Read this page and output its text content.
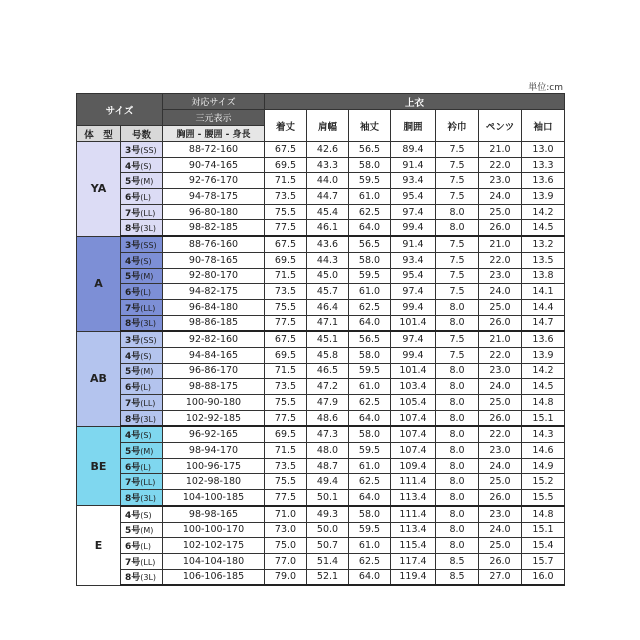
単位:cm
サイズ		対応サイズ	上衣						
		三元表示	着丈	肩幅	袖丈	胴囲	衿巾	ペンツ	袖口
体　型	号数	胸囲 - 腰囲 - 身長							
YA	3号(SS)	88-72-160	67.5	42.6	56.5	89.4	7.5	21.0	13.0
	4号(S)	90-74-165	69.5	43.3	58.0	91.4	7.5	22.0	13.3
	5号(M)	92-76-170	71.5	44.0	59.5	93.4	7.5	23.0	13.6
	6号(L)	94-78-175	73.5	44.7	61.0	95.4	7.5	24.0	13.9
	7号(LL)	96-80-180	75.5	45.4	62.5	97.4	8.0	25.0	14.2
	8号(3L)	98-82-185	77.5	46.1	64.0	99.4	8.0	26.0	14.5
A	3号(SS)	88-76-160	67.5	43.6	56.5	91.4	7.5	21.0	13.2
	4号(S)	90-78-165	69.5	44.3	58.0	93.4	7.5	22.0	13.5
	5号(M)	92-80-170	71.5	45.0	59.5	95.4	7.5	23.0	13.8
	6号(L)	94-82-175	73.5	45.7	61.0	97.4	7.5	24.0	14.1
	7号(LL)	96-84-180	75.5	46.4	62.5	99.4	8.0	25.0	14.4
	8号(3L)	98-86-185	77.5	47.1	64.0	101.4	8.0	26.0	14.7
AB	3号(SS)	92-82-160	67.5	45.1	56.5	97.4	7.5	21.0	13.6
	4号(S)	94-84-165	69.5	45.8	58.0	99.4	7.5	22.0	13.9
	5号(M)	96-86-170	71.5	46.5	59.5	101.4	8.0	23.0	14.2
	6号(L)	98-88-175	73.5	47.2	61.0	103.4	8.0	24.0	14.5
	7号(LL)	100-90-180	75.5	47.9	62.5	105.4	8.0	25.0	14.8
	8号(3L)	102-92-185	77.5	48.6	64.0	107.4	8.0	26.0	15.1
BE	4号(S)	96-92-165	69.5	47.3	58.0	107.4	8.0	22.0	14.3
	5号(M)	98-94-170	71.5	48.0	59.5	107.4	8.0	23.0	14.6
	6号(L)	100-96-175	73.5	48.7	61.0	109.4	8.0	24.0	14.9
	7号(LL)	102-98-180	75.5	49.4	62.5	111.4	8.0	25.0	15.2
	8号(3L)	104-100-185	77.5	50.1	64.0	113.4	8.0	26.0	15.5
E	4号(S)	98-98-165	71.0	49.3	58.0	111.4	8.0	23.0	14.8
	5号(M)	100-100-170	73.0	50.0	59.5	113.4	8.0	24.0	15.1
	6号(L)	102-102-175	75.0	50.7	61.0	115.4	8.0	25.0	15.4
	7号(LL)	104-104-180	77.0	51.4	62.5	117.4	8.5	26.0	15.7
	8号(3L)	106-106-185	79.0	52.1	64.0	119.4	8.5	27.0	16.0
